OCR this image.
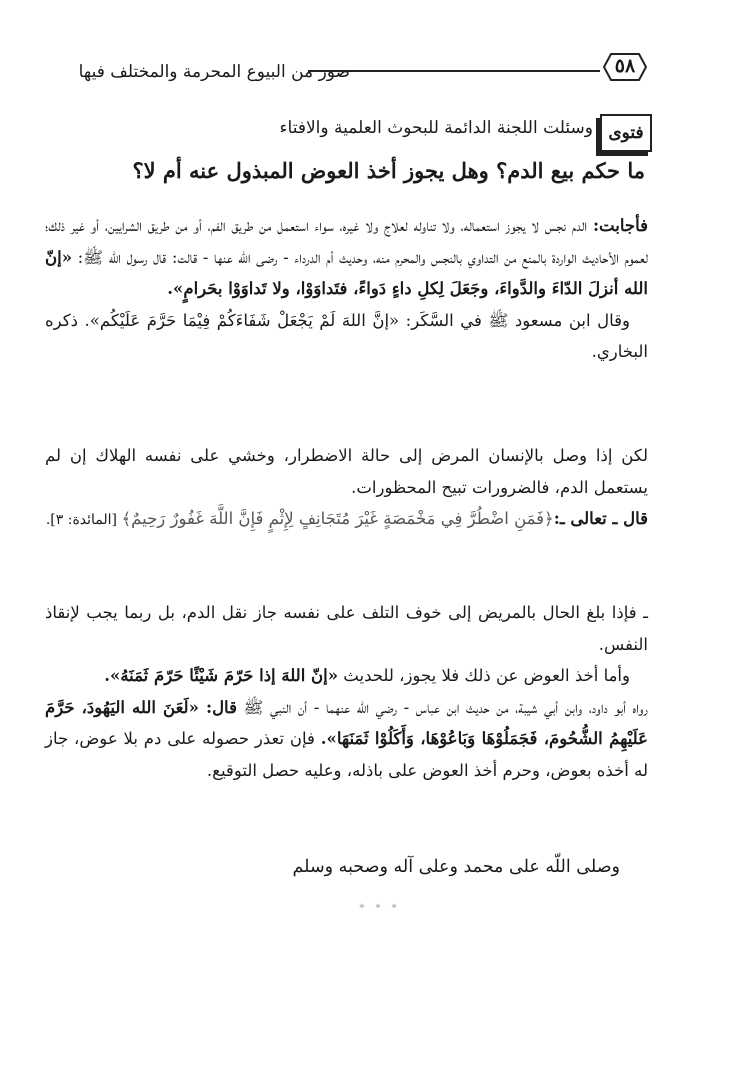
٥٨
صور من البيوع المحرمة والمختلف فيها
فتوى
وسئلت اللجنة الدائمة للبحوث العلمية والافتاء
ما حكم بيع الدم؟ وهل يجوز أخذ العوض المبذول عنه أم لا؟

فأجابت: الدم نجس لا يجوز استعماله، ولا تناوله لعلاج ولا غيره، سواء استعمل من طريق الفم، أو من طريق الشرايين، أو غير ذلك؛ لعموم الأحاديث الواردة بالمنع من التداوي بالنجس والمحرم منه، وحديث أم الدرداء - رضى اللّه عنها - قالت: قال رسول اللّه ﷺ: «إنّ الله أنزلَ الدّاءَ والدَّواءَ، وجَعَلَ لِكلِ داءٍ دَواءً، فتَداوَوْا، ولا تَداوَوْا بحَرامٍ».

وقال ابن مسعود ﷺ في السَّكَر: «إنَّ اللهَ لَمْ يَجْعَلْ شَفَاءَكُمْ فِيْمَا حَرَّمَ عَلَيْكُم». ذكره البخاري.

لكن إذا وصل بالإنسان المرض إلى حالة الاضطرار، وخشي على نفسه الهلاك إن لم يستعمل الدم، فالضرورات تبيح المحظورات.

قال ـ تعالى ـ:﴿فَمَنِ اضْطُرَّ فِي مَخْمَصَةٍ غَيْرَ مُتَجَانِفٍ لِإِثْمٍ فَإِنَّ اللَّهَ غَفُورٌ رَحِيمٌ﴾ [المائدة: ٣].

ـ فإذا بلغ الحال بالمريض إلى خوف التلف على نفسه جاز نقل الدم، بل ربما يجب لإنقاذ النفس.

وأما أخذ العوض عن ذلك فلا يجوز، للحديث «إنّ اللهَ إذا حَرّمَ شَيْئًا حَرّمَ ثَمَنَهُ».

رواه أبو داود، وابن أبي شيبة، من حديث ابن عباس - رضي اللّه عنهما - أن النبي ﷺ قال: «لَعَنَ الله اليَهُودَ، حَرَّمَ عَلَيْهِمُ الشُّحُومَ، فَجَمَلُوْهَا وَبَاعُوْهَا، وَأَكَلُوْا ثَمَنَهَا». فإن تعذر حصوله على دم بلا عوض، جاز له أخذه بعوض، وحرم أخذ العوض على باذله، وعليه حصل التوقيع.

وصلى اللّه على محمد وعلى آله وصحبه وسلم
* * *
